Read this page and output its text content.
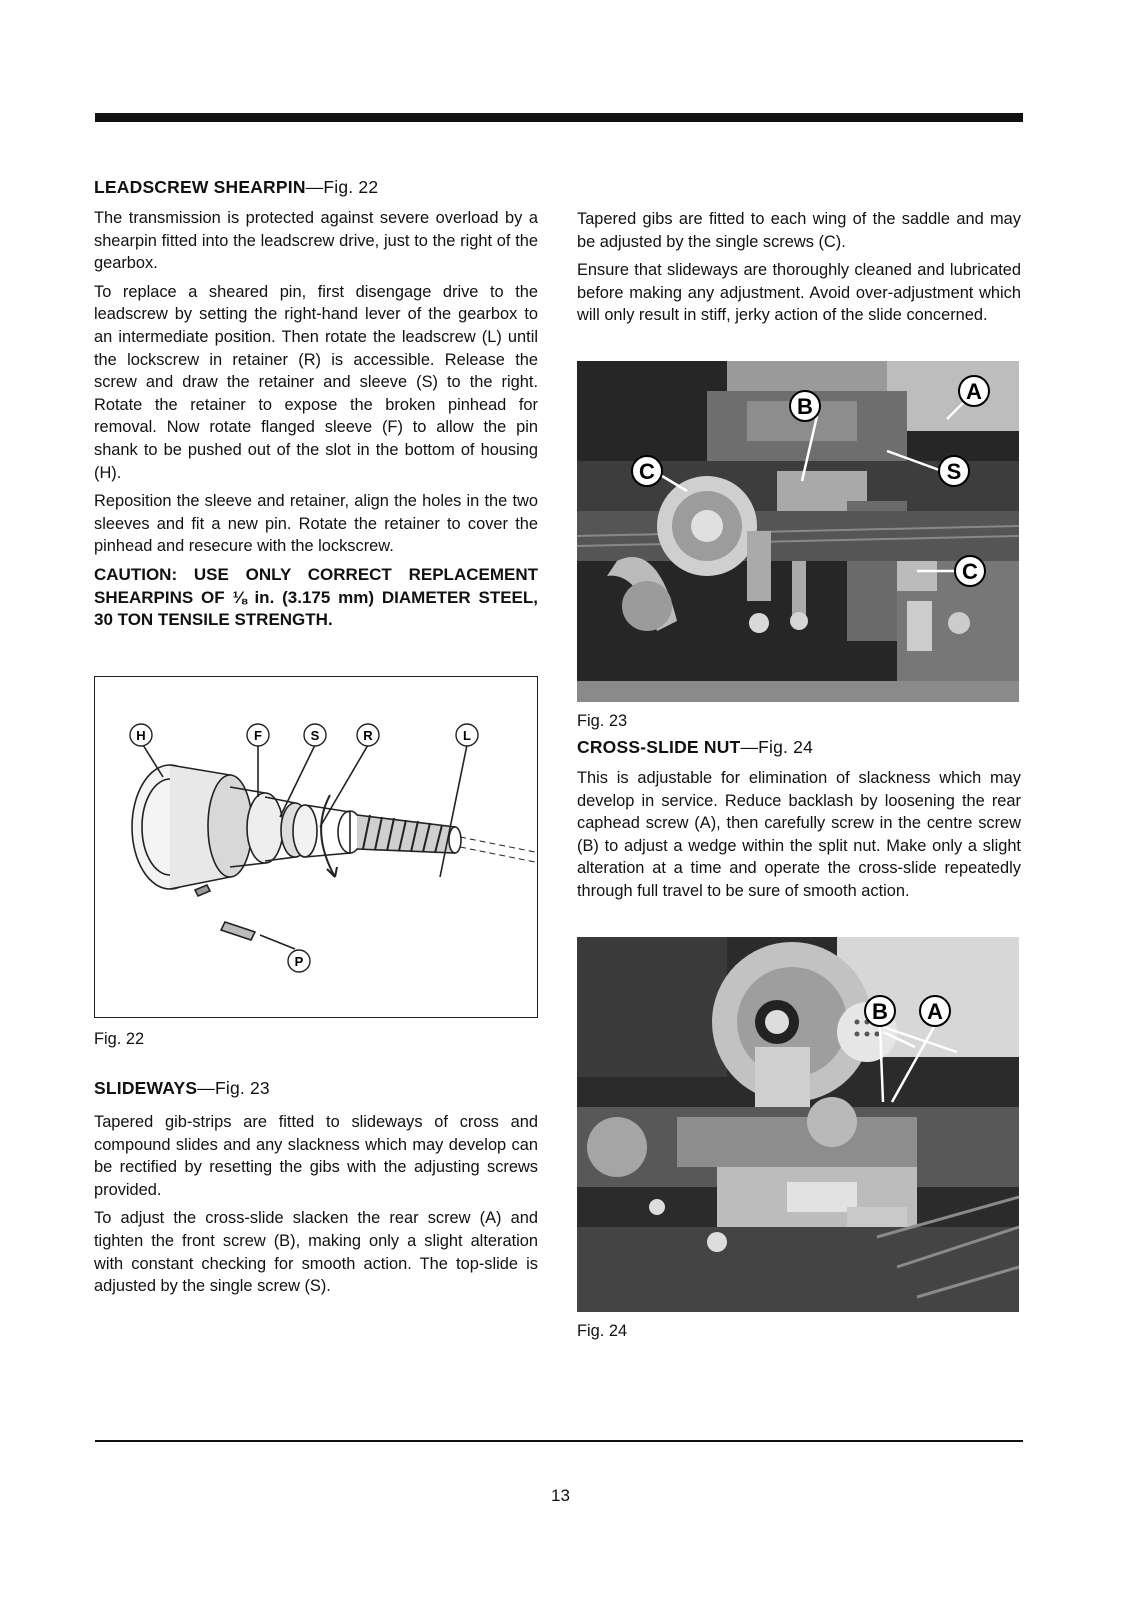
LEADSCREW SHEARPIN—Fig. 22

The transmission is protected against severe overload by a shearpin fitted into the leadscrew drive, just to the right of the gearbox.

To replace a sheared pin, first disengage drive to the leadscrew by setting the right-hand lever of the gearbox to an intermediate position. Then rotate the leadscrew (L) until the lockscrew in retainer (R) is accessible. Release the screw and draw the retainer and sleeve (S) to the right. Rotate the retainer to expose the broken pinhead for removal. Now rotate flanged sleeve (F) to allow the pin shank to be pushed out of the slot in the bottom of housing (H).

Reposition the sleeve and retainer, align the holes in the two sleeves and fit a new pin. Rotate the retainer to cover the pinhead and resecure with the lockscrew.

CAUTION: USE ONLY CORRECT REPLACEMENT SHEARPINS OF ⅛ in. (3.175 mm) DIAMETER STEEL, 30 TON TENSILE STRENGTH.

H	F	S	R	L
P
Fig. 22
SLIDEWAYS—Fig. 23

Tapered gib-strips are fitted to slideways of cross and compound slides and any slackness which may develop can be rectified by resetting the gibs with the adjusting screws provided.

To adjust the cross-slide slacken the rear screw (A) and tighten the front screw (B), making only a slight alteration with constant checking for smooth action. The top-slide is adjusted by the single screw (S).

Tapered gibs are fitted to each wing of the saddle and may be adjusted by the single screws (C).

Ensure that slideways are thoroughly cleaned and lubricated before making any adjustment. Avoid over-adjustment which will only result in stiff, jerky action of the slide concerned.

B
A
C	S
C
Fig. 23
CROSS-SLIDE NUT—Fig. 24

This is adjustable for elimination of slackness which may develop in service. Reduce backlash by loosening the rear caphead screw (A), then carefully screw in the centre screw (B) to adjust a wedge within the split nut. Make only a slight alteration at a time and operate the cross-slide repeatedly through full travel to be sure of smooth action.

B A
Fig. 24
13
